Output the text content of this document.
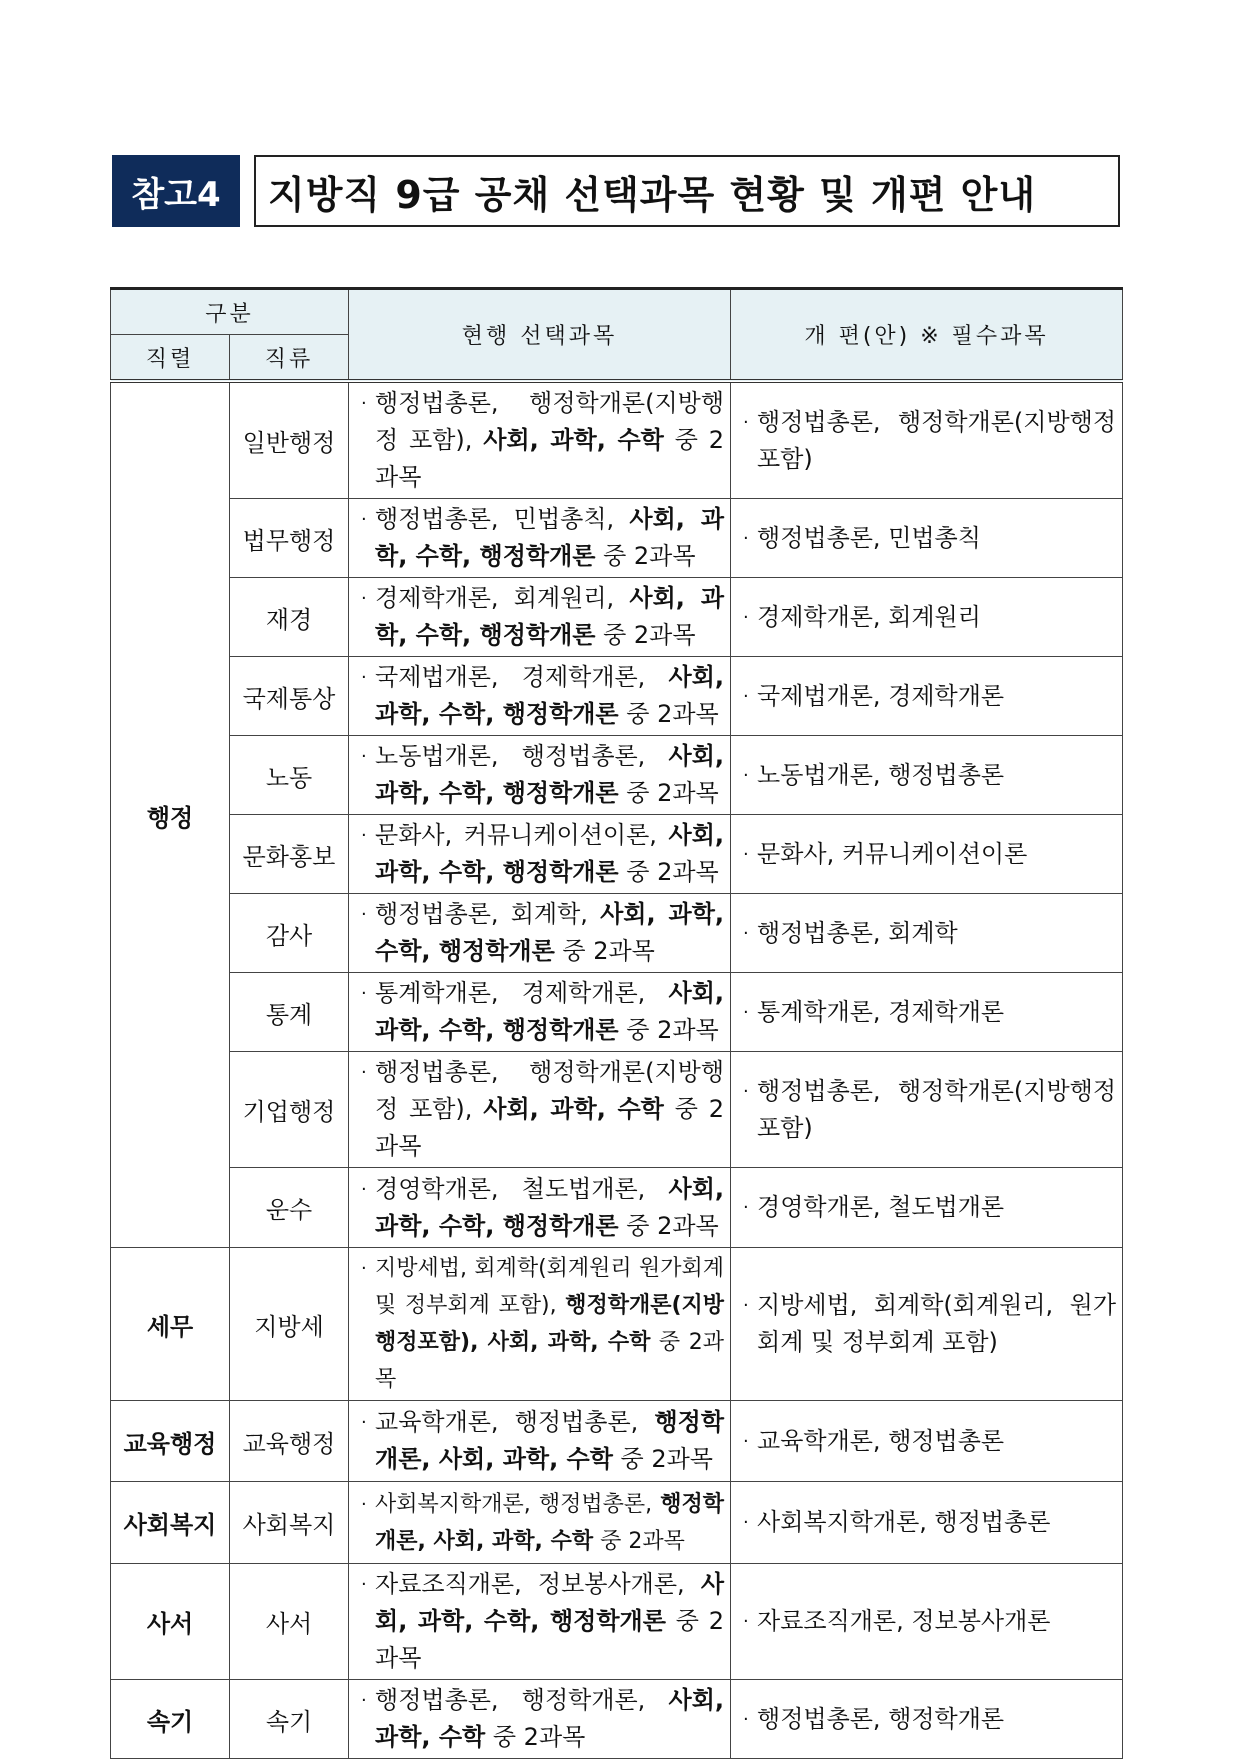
참고4	지방직 9급 공채 선택과목 현황 및 개편 안내
구분		현행 선택과목	개 편(안) ※ 필수과목
직렬	직류		
행정	일반행정	· 행정법총론, 행정학개론(지방행정 포함), 사회, 과학, 수학 중 2과목	· 행정법총론, 행정학개론(지방행정포함)

	법무행정	· 행정법총론, 민법총칙, 사회, 과학, 수학, 행정학개론 중 2과목	· 행정법총론, 민법총칙

	재경	· 경제학개론, 회계원리, 사회, 과학, 수학, 행정학개론 중 2과목	· 경제학개론, 회계원리

	국제통상	· 국제법개론, 경제학개론, 사회, 과학, 수학, 행정학개론 중 2과목	· 국제법개론, 경제학개론

	노동	· 노동법개론, 행정법총론, 사회, 과학, 수학, 행정학개론 중 2과목	· 노동법개론, 행정법총론

	문화홍보	· 문화사, 커뮤니케이션이론, 사회, 과학, 수학, 행정학개론 중 2과목	· 문화사, 커뮤니케이션이론

	감사	· 행정법총론, 회계학, 사회, 과학, 수학, 행정학개론 중 2과목	· 행정법총론, 회계학

	통계	· 통계학개론, 경제학개론, 사회, 과학, 수학, 행정학개론 중 2과목	· 통계학개론, 경제학개론

	기업행정	· 행정법총론, 행정학개론(지방행정 포함), 사회, 과학, 수학 중 2과목	· 행정법총론, 행정학개론(지방행정포함)

	운수	· 경영학개론, 철도법개론, 사회, 과학, 수학, 행정학개론 중 2과목	· 경영학개론, 철도법개론

세무	지방세	· 지방세법, 회계학(회계원리 원가회계 및 정부회계 포함), 행정학개론(지방행정포함), 사회, 과학, 수학 중 2과목	· 지방세법, 회계학(회계원리, 원가회계 및 정부회계 포함)

교육행정	교육행정	· 교육학개론, 행정법총론, 행정학개론, 사회, 과학, 수학 중 2과목	· 교육학개론, 행정법총론

사회복지	사회복지	· 사회복지학개론, 행정법총론, 행정학개론, 사회, 과학, 수학 중 2과목	· 사회복지학개론, 행정법총론

사서	사서	· 자료조직개론, 정보봉사개론, 사회, 과학, 수학, 행정학개론 중 2과목	· 자료조직개론, 정보봉사개론

속기	속기	· 행정법총론, 행정학개론, 사회, 과학, 수학 중 2과목	· 행정법총론, 행정학개론
